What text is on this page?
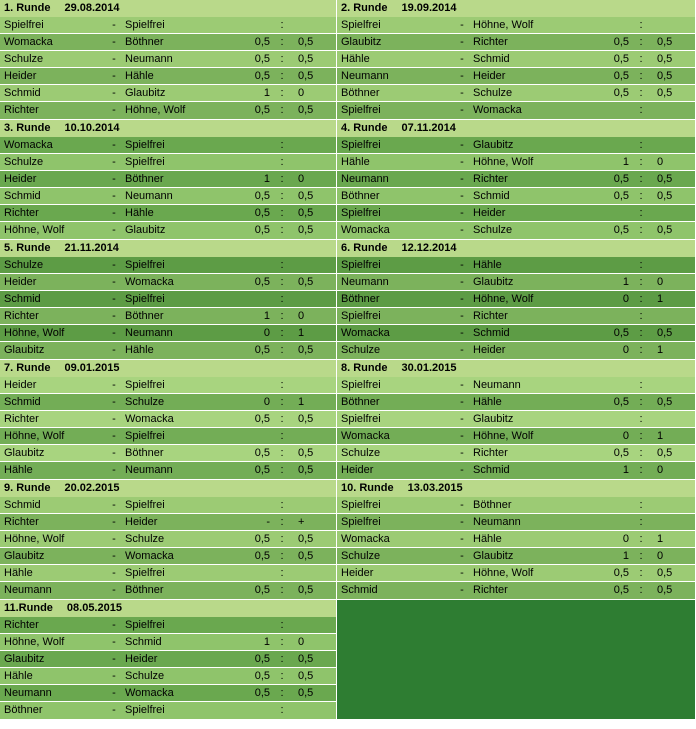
1. Runde 29.08.2014
Spielfrei	- Spielfrei	:
Womacka	- Böthner	0,5 :	0,5
Schulze	- Neumann	0,5 :	0,5
Heider	- Hähle	0,5 :	0,5
Schmid	- Glaubitz	1 :	0
Richter	- Höhne, Wolf	0,5 :	0,5
2. Runde 19.09.2014
Spielfrei	- Höhne, Wolf	:
Glaubitz	- Richter	0,5 :	0,5
Hähle	- Schmid	0,5 :	0,5
Neumann	- Heider	0,5 :	0,5
Böthner	- Schulze	0,5 :	0,5
Spielfrei	- Womacka	:
3. Runde 10.10.2014
Womacka	- Spielfrei	:
Schulze	- Spielfrei	:
Heider	- Böthner	1 :	0
Schmid	- Neumann	0,5 :	0,5
Richter	- Hähle	0,5 :	0,5
Höhne, Wolf	- Glaubitz	0,5 :	0,5
4. Runde 07.11.2014
Spielfrei	- Glaubitz	:
Hähle	- Höhne, Wolf	1 :	0
Neumann	- Richter	0,5 :	0,5
Böthner	- Schmid	0,5 :	0,5
Spielfrei	- Heider	:
Womacka	- Schulze	0,5 :	0,5
5. Runde 21.11.2014
Schulze	- Spielfrei	:
Heider	- Womacka	0,5 :	0,5
Schmid	- Spielfrei	:
Richter	- Böthner	1 :	0
Höhne, Wolf	- Neumann	0 :	1
Glaubitz	- Hähle	0,5 :	0,5
6. Runde 12.12.2014
Spielfrei	- Hähle	:
Neumann	- Glaubitz	1 :	0
Böthner	- Höhne, Wolf	0 :	1
Spielfrei	- Richter	:
Womacka	- Schmid	0,5 :	0,5
Schulze	- Heider	0 :	1
7. Runde 09.01.2015
Heider	- Spielfrei	:
Schmid	- Schulze	0 :	1
Richter	- Womacka	0,5 :	0,5
Höhne, Wolf	- Spielfrei	:
Glaubitz	- Böthner	0,5 :	0,5
Hähle	- Neumann	0,5 :	0,5
8. Runde 30.01.2015
Spielfrei	- Neumann	:
Böthner	- Hähle	0,5 :	0,5
Spielfrei	- Glaubitz	:
Womacka	- Höhne, Wolf	0 :	1
Schulze	- Richter	0,5 :	0,5
Heider	- Schmid	1 :	0
9. Runde 20.02.2015
Schmid	- Spielfrei	:
Richter	- Heider	- :	+
Höhne, Wolf	- Schulze	0,5 :	0,5
Glaubitz	- Womacka	0,5 :	0,5
Hähle	- Spielfrei	:
Neumann	- Böthner	0,5 :	0,5
10. Runde 13.03.2015
Spielfrei	- Böthner	:
Spielfrei	- Neumann	:
Womacka	- Hähle	0 :	1
Schulze	- Glaubitz	1 :	0
Heider	- Höhne, Wolf	0,5 :	0,5
Schmid	- Richter	0,5 :	0,5
11.Runde 08.05.2015
Richter	- Spielfrei	:
Höhne, Wolf	- Schmid	1 :	0
Glaubitz	- Heider	0,5 :	0,5
Hähle	- Schulze	0,5 :	0,5
Neumann	- Womacka	0,5 :	0,5
Böthner	- Spielfrei	:
